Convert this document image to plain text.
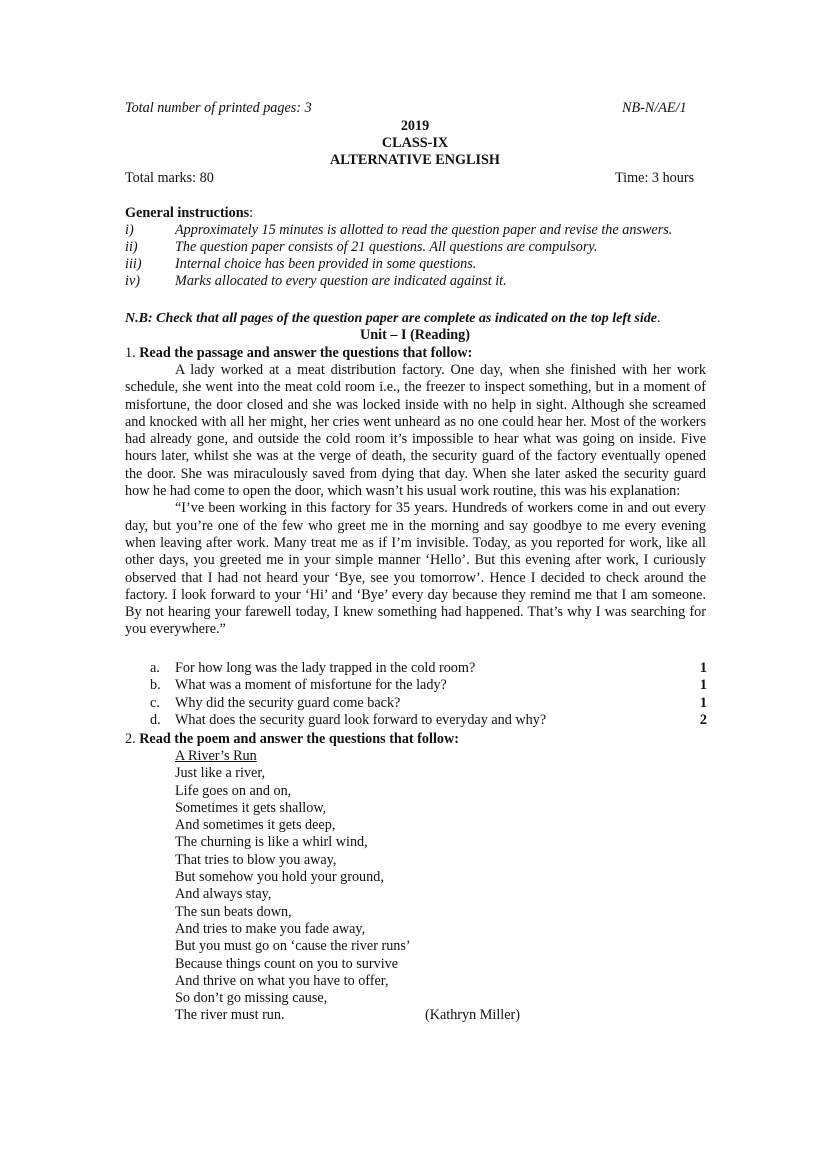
Total number of printed pages: 3	NB-N/AE/1
2019
CLASS-IX
ALTERNATIVE ENGLISH
Total marks: 80	Time: 3 hours
General instructions:
i)	Approximately 15 minutes is allotted to read the question paper and revise the answers.
ii)	The question paper consists of 21 questions. All questions are compulsory.
iii) Internal choice has been provided in some questions.
iv) Marks allocated to every question are indicated against it.
N.B: Check that all pages of the question paper are complete as indicated on the top left side.
Unit – I (Reading)
1. Read the passage and answer the questions that follow:

A lady worked at a meat distribution factory. One day, when she finished with her work schedule, she went into the meat cold room i.e., the freezer to inspect something, but in a moment of misfortune, the door closed and she was locked inside with no help in sight. Although she screamed and knocked with all her might, her cries went unheard as no one could hear her. Most of the workers had already gone, and outside the cold room it’s impossible to hear what was going on inside. Five hours later, whilst she was at the verge of death, the security guard of the factory eventually opened the door. She was miraculously saved from dying that day. When she later asked the security guard how he had come to open the door, which wasn’t his usual work routine, this was his explanation:

“I’ve been working in this factory for 35 years. Hundreds of workers come in and out every day, but you’re one of the few who greet me in the morning and say goodbye to me every evening when leaving after work. Many treat me as if I’m invisible. Today, as you reported for work, like all other days, you greeted me in your simple manner ‘Hello’. But this evening after work, I curiously observed that I had not heard your ‘Bye, see you tomorrow’. Hence I decided to check around the factory. I look forward to your ‘Hi’ and ‘Bye’ every day because they remind me that I am someone. By not hearing your farewell today, I knew something had happened. That’s why I was searching for you everywhere.”

a. For how long was the lady trapped in the cold room?	1
b. What was a moment of misfortune for the lady?	1
c. Why did the security guard come back?	1
d. What does the security guard look forward to everyday and why?	2
2. Read the poem and answer the questions that follow:
A River’s Run
Just like a river,
Life goes on and on,
Sometimes it gets shallow,
And sometimes it gets deep,
The churning is like a whirl wind,
That tries to blow you away,
But somehow you hold your ground,
And always stay,
The sun beats down,
And tries to make you fade away,
But you must go on ‘cause the river runs’
Because things count on you to survive
And thrive on what you have to offer,
So don’t go missing cause,
The river must run.	(Kathryn Miller)
